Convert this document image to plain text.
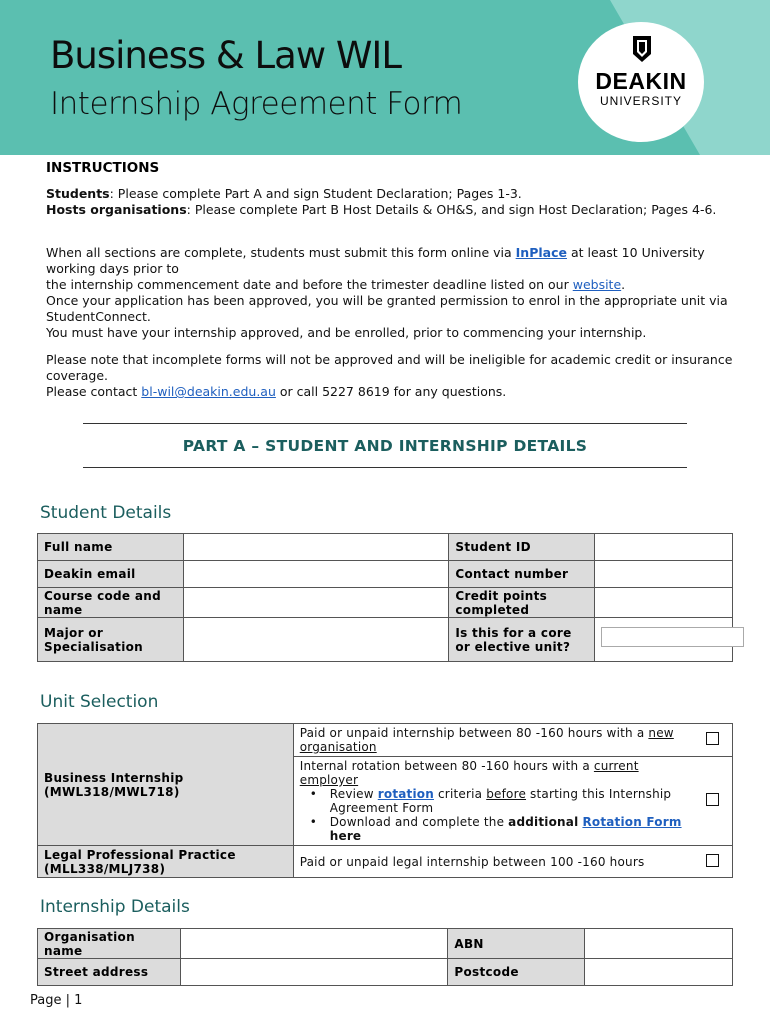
Business & Law WIL
Internship Agreement Form
DEAKIN
UNIVERSITY
INSTRUCTIONS
Students: Please complete Part A and sign Student Declaration; Pages 1-3.
Hosts organisations: Please complete Part B Host Details & OH&S, and sign Host Declaration; Pages 4-6.
When all sections are complete, students must submit this form online via InPlace at least 10 University working days prior to
the internship commencement date and before the trimester deadline listed on our website.
Once your application has been approved, you will be granted permission to enrol in the appropriate unit via StudentConnect.
You must have your internship approved, and be enrolled, prior to commencing your internship.
Please note that incomplete forms will not be approved and will be ineligible for academic credit or insurance coverage.
Please contact bl-wil@deakin.edu.au or call 5227 8619 for any questions.
PART A – STUDENT AND INTERNSHIP DETAILS
Student Details
Full name		Student ID	
Deakin email		Contact number	
Course code and name		Credit points completed	
Major or Specialisation		Is this for a core or elective unit?	
Unit Selection
Business Internship (MWL318/MWL718)	Paid or unpaid internship between 80 -160 hours with a new organisation	

	Internal rotation between 80 -160 hours with a current employer
• Review rotation criteria before starting this Internship Agreement Form
• Download and complete the additional Rotation Form here	

Legal Professional Practice (MLL338/MLJ738)	Paid or unpaid legal internship between 100 -160 hours	
Internship Details
Organisation name		ABN	
Street address		Postcode	
Page | 1
